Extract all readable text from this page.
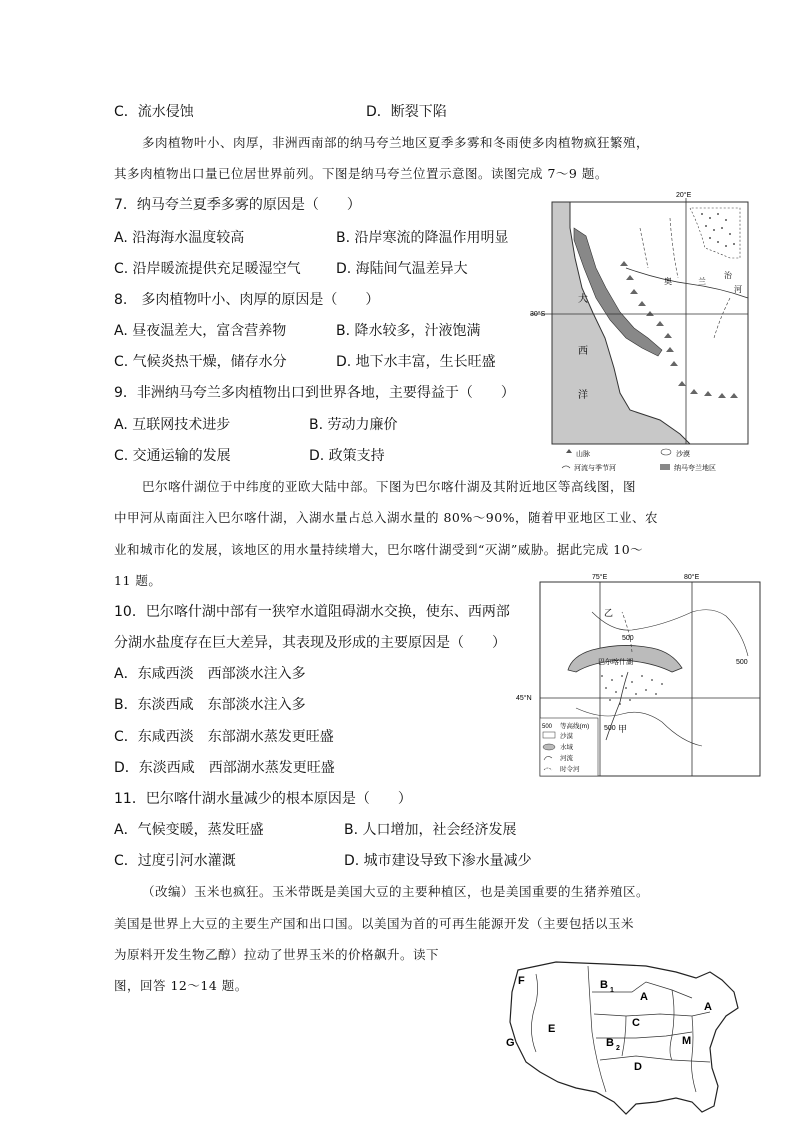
C．流水侵蚀	D．断裂下陷
多肉植物叶小、肉厚，非洲西南部的纳马夸兰地区夏季多雾和冬雨使多肉植物疯狂繁殖，
其多肉植物出口量已位居世界前列。下图是纳马夸兰位置示意图。读图完成 7～9 题。
7．纳马夸兰夏季多雾的原因是（　　）
A. 沿海海水温度较高	B. 沿岸寒流的降温作用明显
C. 沿岸暖流提供充足暖湿空气	D. 海陆间气温差异大
8.　多肉植物叶小、肉厚的原因是（　　）
A. 昼夜温差大，富含营养物	B. 降水较多，汁液饱满
C. 气候炎热干燥，储存水分	D. 地下水丰富，生长旺盛
9．非洲纳马夸兰多肉植物出口到世界各地，主要得益于（　　）
A. 互联网技术进步	B. 劳动力廉价
C. 交通运输的发展	D. 政策支持
巴尔喀什湖位于中纬度的亚欧大陆中部。下图为巴尔喀什湖及其附近地区等高线图，图
中甲河从南面注入巴尔喀什湖，入湖水量占总入湖水量的 80%～90%，随着甲亚地区工业、农
业和城市化的发展，该地区的用水量持续增大，巴尔喀什湖受到“灭湖”威胁。据此完成 10～
11 题。
10．巴尔喀什湖中部有一狭窄水道阻碍湖水交换，使东、西两部
分湖水盐度存在巨大差异，其表现及形成的主要原因是（　　）
A．东咸西淡　西部淡水注入多
B．东淡西咸　东部淡水注入多
C．东咸西淡　东部湖水蒸发更旺盛
D．东淡西咸　西部湖水蒸发更旺盛
11．巴尔喀什湖水量减少的根本原因是（　　）
A．气候变暖，蒸发旺盛	B. 人口增加，社会经济发展
C．过度引河水灌溉	D. 城市建设导致下渗水量减少
（改编）玉米也疯狂。玉米带既是美国大豆的主要种植区，也是美国重要的生猪养殖区。
美国是世界上大豆的主要生产国和出口国。以美国为首的可再生能源开发（主要包括以玉米
为原料开发生物乙醇）拉动了世界玉米的价格飙升。读下
图，回答 12～14 题。
20°E
30°S
大
西
洋
奥	兰
治
河
山脉	沙漠
河流与季节河	纳马夸兰地区
75°E	80°E
45°N
乙
甲
巴尔喀什湖
500
500
500
500 等高线(m)
沙漠
水域
河流
时令河
F	B 1
A
A
E	C
B 2
M
G
D
